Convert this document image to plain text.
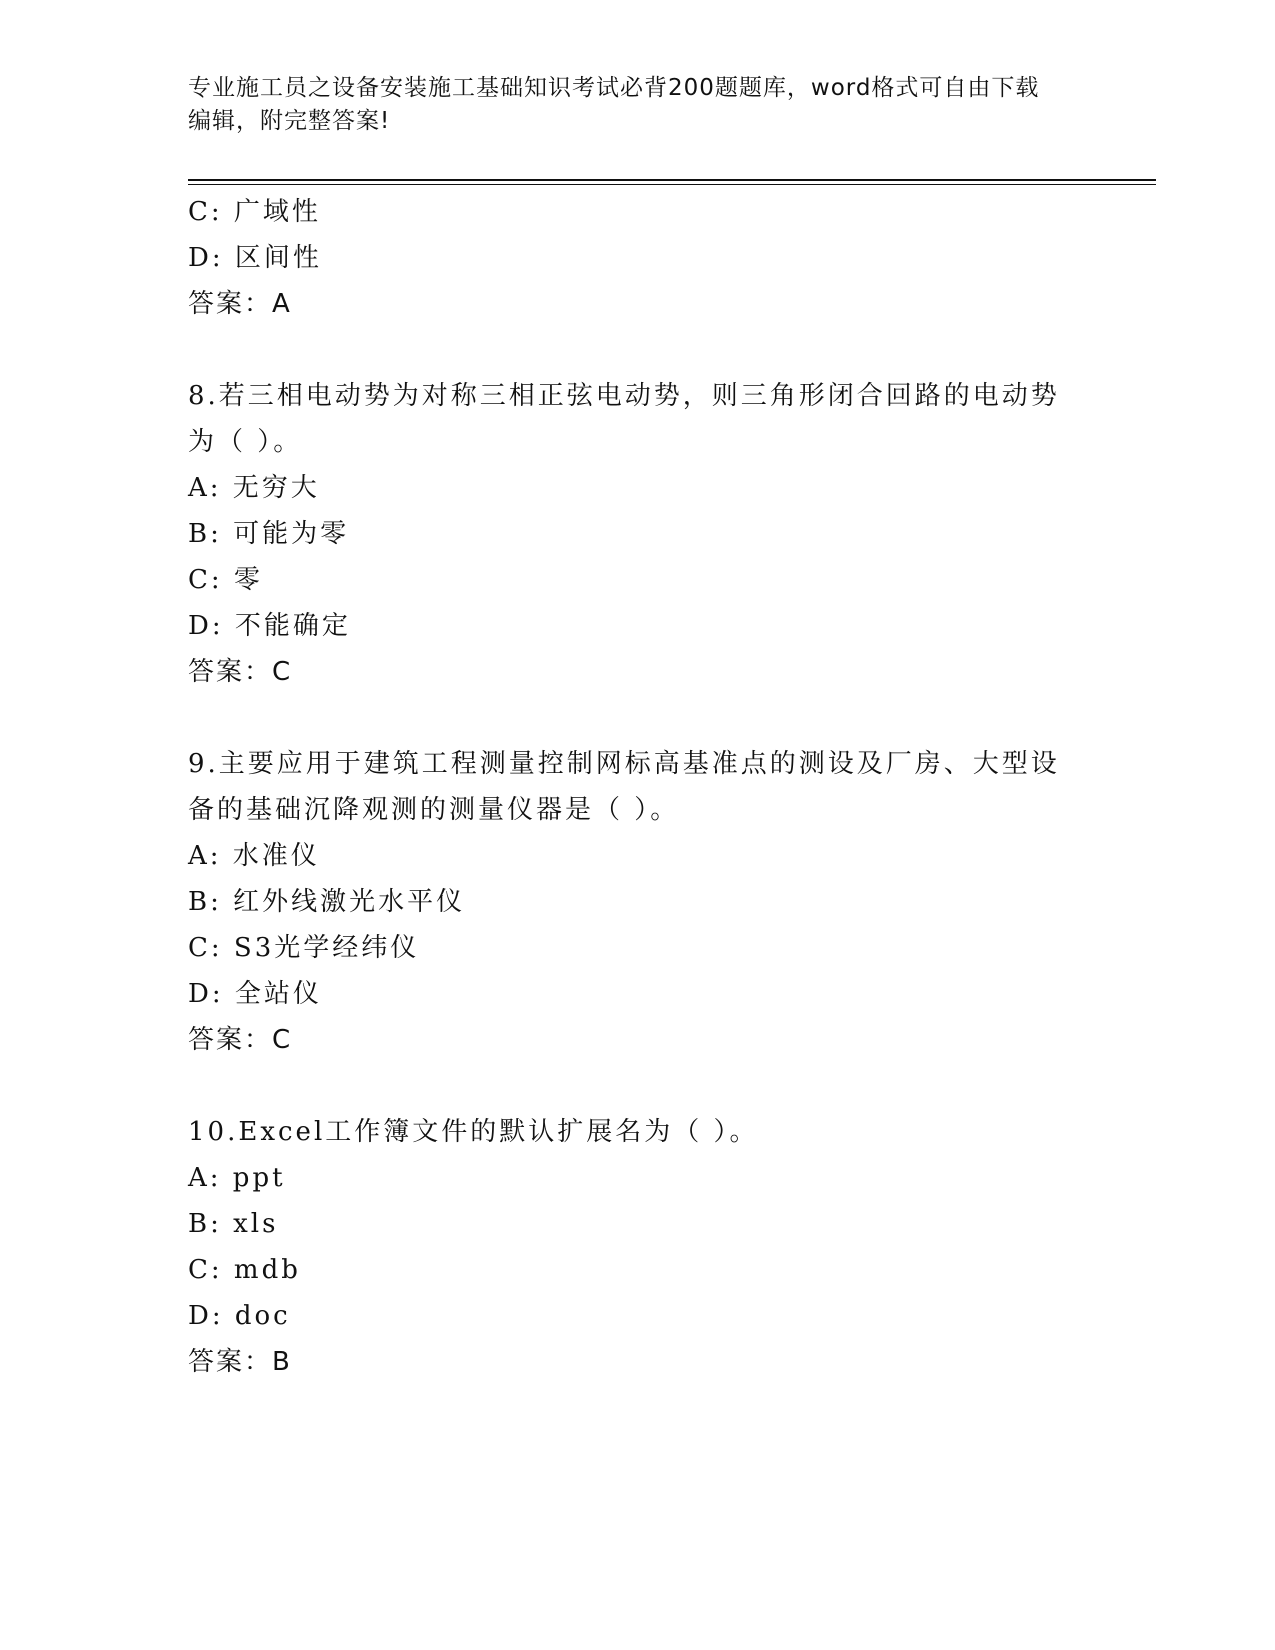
专业施工员之设备安装施工基础知识考试必背200题题库，word格式可自由下载
编辑，附完整答案!
C: 广域性
D: 区间性
答案：A
8.若三相电动势为对称三相正弦电动势，则三角形闭合回路的电动势
为（ ）。
A: 无穷大
B: 可能为零
C: 零
D: 不能确定
答案：C
9.主要应用于建筑工程测量控制网标高基准点的测设及厂房、大型设
备的基础沉降观测的测量仪器是（ ）。
A: 水准仪
B: 红外线激光水平仪
C: S3光学经纬仪
D: 全站仪
答案：C
10.Excel工作簿文件的默认扩展名为（ ）。
A: ppt
B: xls
C: mdb
D: doc
答案：B
